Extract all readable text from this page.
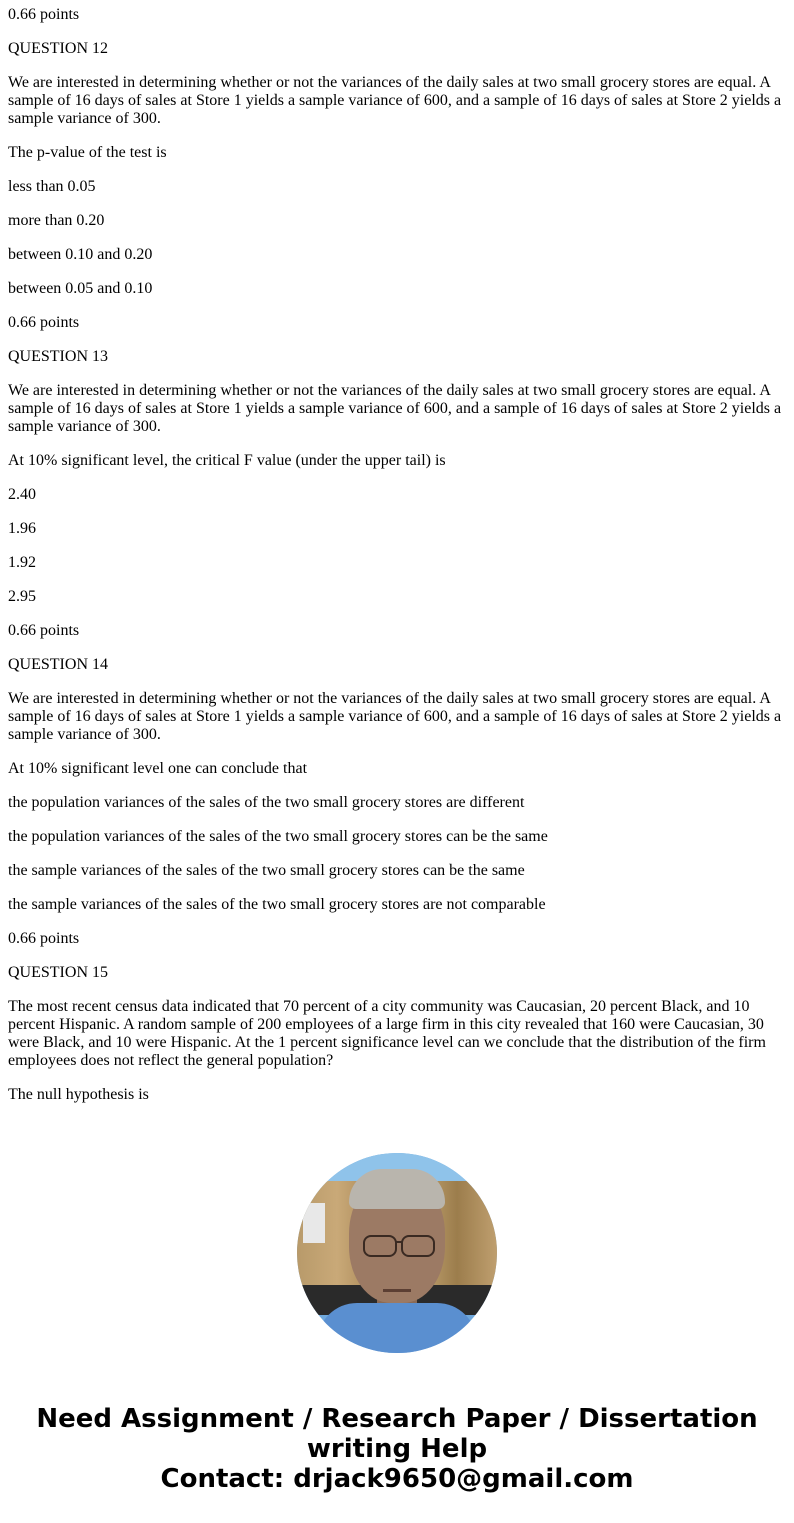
0.66 points

QUESTION 12

We are interested in determining whether or not the variances of the daily sales at two small grocery stores are equal. A sample of 16 days of sales at Store 1 yields a sample variance of 600, and a sample of 16 days of sales at Store 2 yields a sample variance of 300.

The p-value of the test is

less than 0.05

more than 0.20

between 0.10 and 0.20

between 0.05 and 0.10

0.66 points

QUESTION 13

We are interested in determining whether or not the variances of the daily sales at two small grocery stores are equal. A sample of 16 days of sales at Store 1 yields a sample variance of 600, and a sample of 16 days of sales at Store 2 yields a sample variance of 300.

At 10% significant level, the critical F value (under the upper tail) is

2.40

1.96

1.92

2.95

0.66 points

QUESTION 14

We are interested in determining whether or not the variances of the daily sales at two small grocery stores are equal. A sample of 16 days of sales at Store 1 yields a sample variance of 600, and a sample of 16 days of sales at Store 2 yields a sample variance of 300.

At 10% significant level one can conclude that

the population variances of the sales of the two small grocery stores are different

the population variances of the sales of the two small grocery stores can be the same

the sample variances of the sales of the two small grocery stores can be the same

the sample variances of the sales of the two small grocery stores are not comparable

0.66 points

QUESTION 15

The most recent census data indicated that 70 percent of a city community was Caucasian, 20 percent Black, and 10 percent Hispanic. A random sample of 200 employees of a large firm in this city revealed that 160 were Caucasian, 30 were Black, and 10 were Hispanic. At the 1 percent significance level can we conclude that the distribution of the firm employees does not reflect the general population?

The null hypothesis is

Need Assignment / Research Paper / Dissertation
writing Help
Contact: drjack9650@gmail.com
